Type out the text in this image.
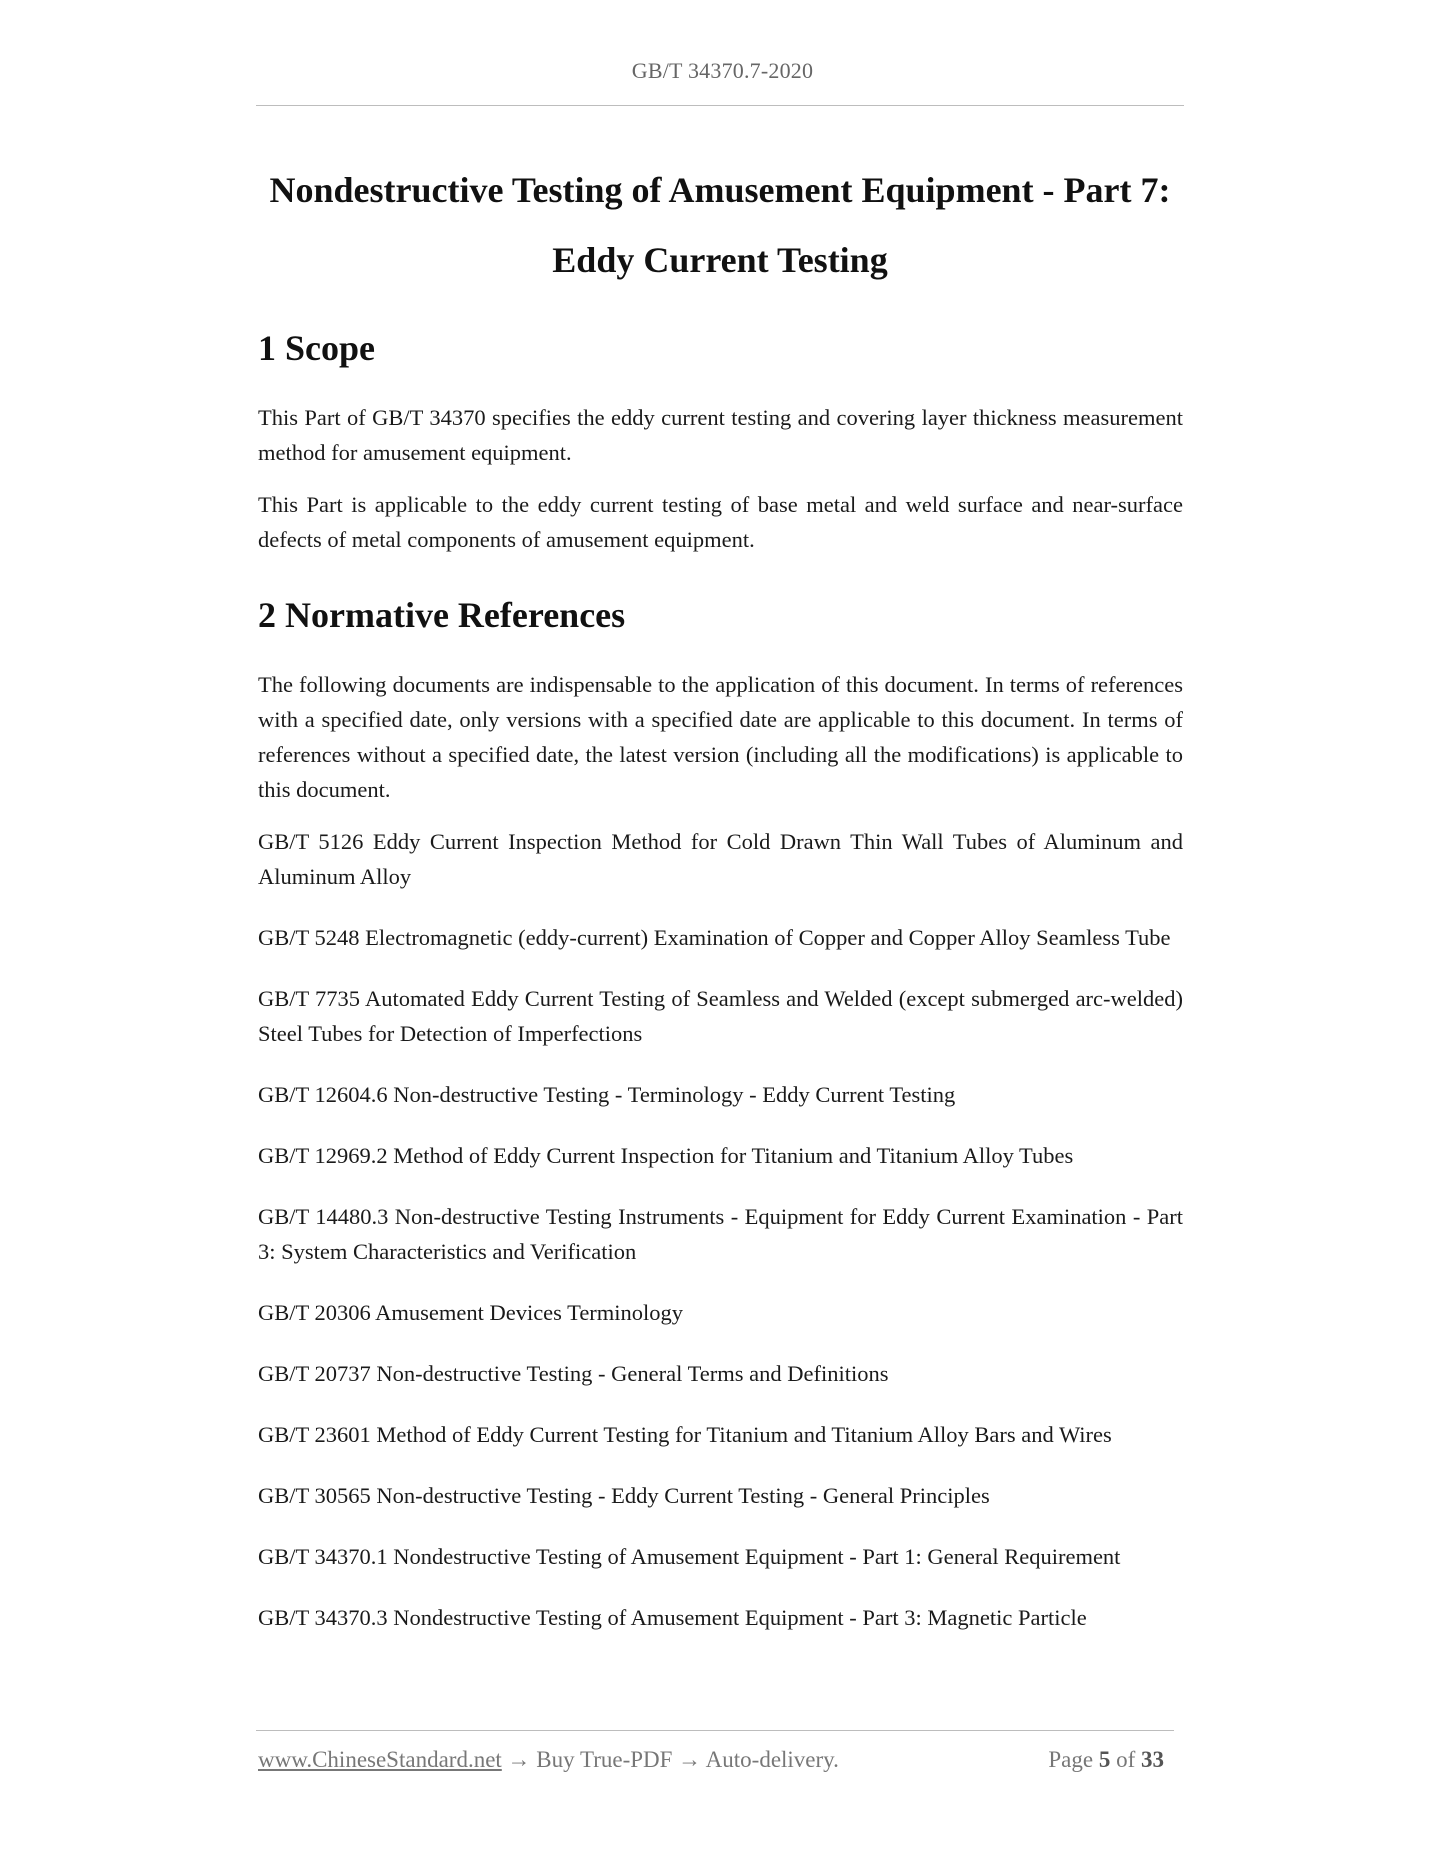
GB/T 34370.7-2020
Nondestructive Testing of Amusement Equipment - Part 7:
Eddy Current Testing
1 Scope

This Part of GB/T 34370 specifies the eddy current testing and covering layer thickness measurement method for amusement equipment.

This Part is applicable to the eddy current testing of base metal and weld surface and near-surface defects of metal components of amusement equipment.

2 Normative References

The following documents are indispensable to the application of this document. In terms of references with a specified date, only versions with a specified date are applicable to this document. In terms of references without a specified date, the latest version (including all the modifications) is applicable to this document.

GB/T 5126 Eddy Current Inspection Method for Cold Drawn Thin Wall Tubes of Aluminum and Aluminum Alloy

GB/T 5248 Electromagnetic (eddy-current) Examination of Copper and Copper Alloy Seamless Tube

GB/T 7735 Automated Eddy Current Testing of Seamless and Welded (except submerged arc-welded) Steel Tubes for Detection of Imperfections

GB/T 12604.6 Non-destructive Testing - Terminology - Eddy Current Testing

GB/T 12969.2 Method of Eddy Current Inspection for Titanium and Titanium Alloy Tubes

GB/T 14480.3 Non-destructive Testing Instruments - Equipment for Eddy Current Examination - Part 3: System Characteristics and Verification

GB/T 20306 Amusement Devices Terminology

GB/T 20737 Non-destructive Testing - General Terms and Definitions

GB/T 23601 Method of Eddy Current Testing for Titanium and Titanium Alloy Bars and Wires

GB/T 30565 Non-destructive Testing - Eddy Current Testing - General Principles

GB/T 34370.1 Nondestructive Testing of Amusement Equipment - Part 1: General Requirement

GB/T 34370.3 Nondestructive Testing of Amusement Equipment - Part 3: Magnetic Particle

www.ChineseStandard.net → Buy True-PDF → Auto-delivery.	Page 5 of 33
